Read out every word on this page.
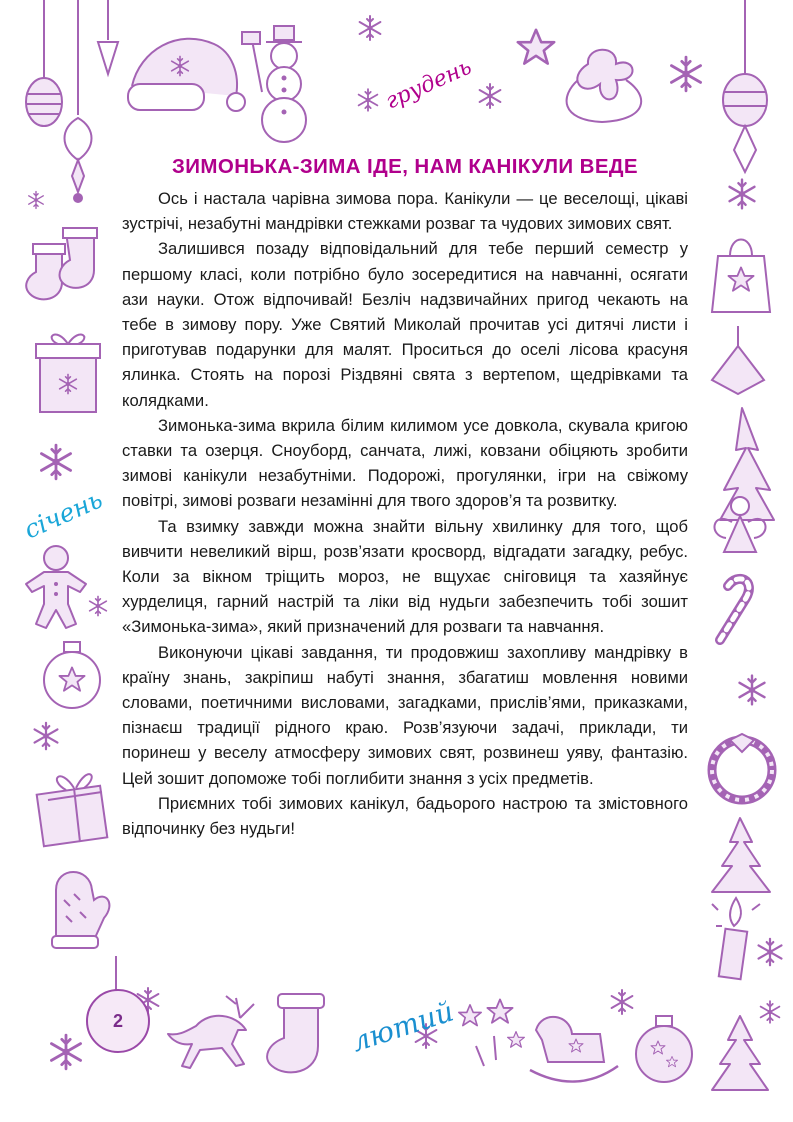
грудень

січень

лютий

ЗИМОНЬКА-ЗИМА ІДЕ, НАМ КАНІКУЛИ ВЕДЕ

Ось і настала чарівна зимова пора. Канікули — це веселощі, цікаві зустрічі, незабутні мандрівки стежками розваг та чудових зимових свят.

Залишився позаду відповідальний для тебе перший семестр у першому класі, коли потрібно було зосередитися на навчанні, осягати ази науки. Отож відпочивай! Безліч надзвичайних пригод чекають на тебе в зимову пору. Уже Святий Миколай прочитав усі дитячі листи і приготував подарунки для малят. Проситься до оселі лісова красуня ялинка. Стоять на порозі Різдвяні свята з вертепом, щедрівками та колядками.

Зимонька-зима вкрила білим килимом усе довкола, скувала кригою ставки та озерця. Сноуборд, санчата, лижі, ковзани обіцяють зробити зимові канікули незабутніми. Подорожі, прогулянки, ігри на свіжому повітрі, зимові розваги незамінні для твого здоров’я та розвитку.

Та взимку завжди можна знайти вільну хвилинку для того, щоб вивчити невеликий вірш, розв’язати кросворд, відгадати загадку, ребус. Коли за вікном тріщить мороз, не вщухає сніговиця та хазяйнує хурделиця, гарний настрій та ліки від нудьги забезпечить тобі зошит «Зимонька-зима», який призначений для розваги та навчання.

Виконуючи цікаві завдання, ти продовжиш захопливу мандрівку в країну знань, закріпиш набуті знання, збагатиш мовлення новими словами, поетичними висловами, загадками, прислів’ями, приказками, пізнаєш традиції рідного краю. Розв’язуючи задачі, приклади, ти поринеш у веселу атмосферу зимових свят, розвинеш уяву, фантазію. Цей зошит допоможе тобі поглибити знання з усіх предметів.

Приємних тобі зимових канікул, бадьорого настрою та змістовного відпочинку без нудьги!

2
